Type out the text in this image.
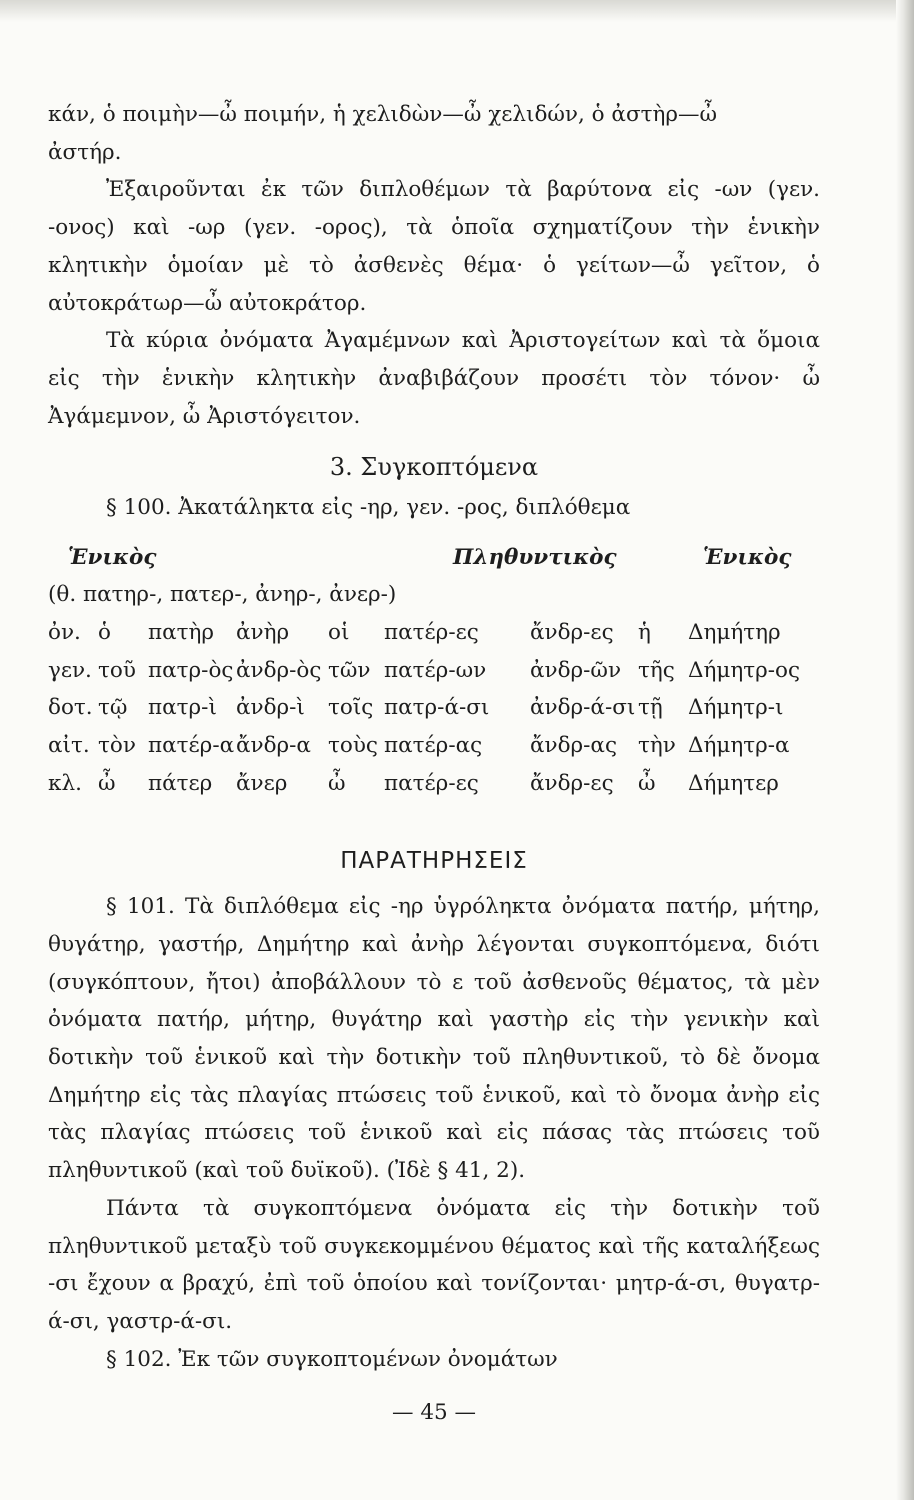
κάν, ὁ ποιμὴν—ὦ ποιμήν, ἡ χελιδὼν—ὦ χελιδών, ὁ ἀστὴρ—ὦ

ἀστήρ.

Ἐξαιροῦνται ἐκ τῶν διπλοθέμων τὰ βαρύτονα εἰς -ων (γεν. -ονος) καὶ -ωρ (γεν. -ορος), τὰ ὁποῖα σχηματίζουν τὴν ἑνικὴν κλητικὴν ὁμοίαν μὲ τὸ ἀσθενὲς θέμα· ὁ γείτων—ὦ γεῖτον, ὁ αὐτοκράτωρ—ὦ αὐτοκράτορ.

Τὰ κύρια ὀνόματα Ἀγαμέμνων καὶ Ἀριστογείτων καὶ τὰ ὅμοια εἰς τὴν ἑνικὴν κλητικὴν ἀναβιβάζουν προσέτι τὸν τόνον· ὦ Ἀγάμεμνον, ὦ Ἀριστόγειτον.

3. Συγκοπτόμενα

§ 100. Ἀκατάληκτα εἰς -ηρ, γεν. -ρος, διπλόθεμα

Ἑνικὸς	Πληθυντικὸς	Ἑνικὸς
(θ. πατηρ-, πατερ-, ἀνηρ-, ἀνερ-)
ὀν. ὁ πατὴρ ἀνὴρ οἱ πατέρ-ες ἄνδρ-ες ἡ Δημήτηρ
γεν. τοῦ πατρ-ὸς ἀνδρ-ὸς τῶν πατέρ-ων ἀνδρ-ῶν τῆς Δήμητρ-ος
δοτ. τῷ πατρ-ὶ ἀνδρ-ὶ τοῖς πατρ-ά-σι ἀνδρ-ά-σι τῇ Δήμητρ-ι
αἰτ. τὸν πατέρ-α ἄνδρ-α τοὺς πατέρ-ας ἄνδρ-ας τὴν Δήμητρ-α
κλ. ὦ πάτερ ἄνερ ὦ πατέρ-ες ἄνδρ-ες ὦ Δήμητερ
ΠΑΡΑΤΗΡΗΣΕΙΣ

§ 101. Τὰ διπλόθεμα εἰς -ηρ ὑγρόληκτα ὀνόματα πατήρ, μήτηρ, θυγάτηρ, γαστήρ, Δημήτηρ καὶ ἀνὴρ λέγονται συγκοπτόμενα, διότι (συγκόπτουν, ἤτοι) ἀποβάλλουν τὸ ε τοῦ ἀσθενοῦς θέματος, τὰ μὲν ὀνόματα πατήρ, μήτηρ, θυγάτηρ καὶ γαστὴρ εἰς τὴν γενικὴν καὶ δοτικὴν τοῦ ἑνικοῦ καὶ τὴν δοτικὴν τοῦ πληθυντικοῦ, τὸ δὲ ὄνομα Δημήτηρ εἰς τὰς πλαγίας πτώσεις τοῦ ἑνικοῦ, καὶ τὸ ὄνομα ἀνὴρ εἰς τὰς πλαγίας πτώσεις τοῦ ἑνικοῦ καὶ εἰς πάσας τὰς πτώσεις τοῦ πληθυντικοῦ (καὶ τοῦ δυϊκοῦ). (Ἰδὲ § 41, 2).

Πάντα τὰ συγκοπτόμενα ὀνόματα εἰς τὴν δοτικὴν τοῦ πληθυντικοῦ μεταξὺ τοῦ συγκεκομμένου θέματος καὶ τῆς καταλήξεως -σι ἔχουν α βραχύ, ἐπὶ τοῦ ὁποίου καὶ τονίζονται· μητρ-ά-σι, θυγατρ-ά-σι, γαστρ-ά-σι.

§ 102. Ἐκ τῶν συγκοπτομένων ὀνομάτων

— 45 —
